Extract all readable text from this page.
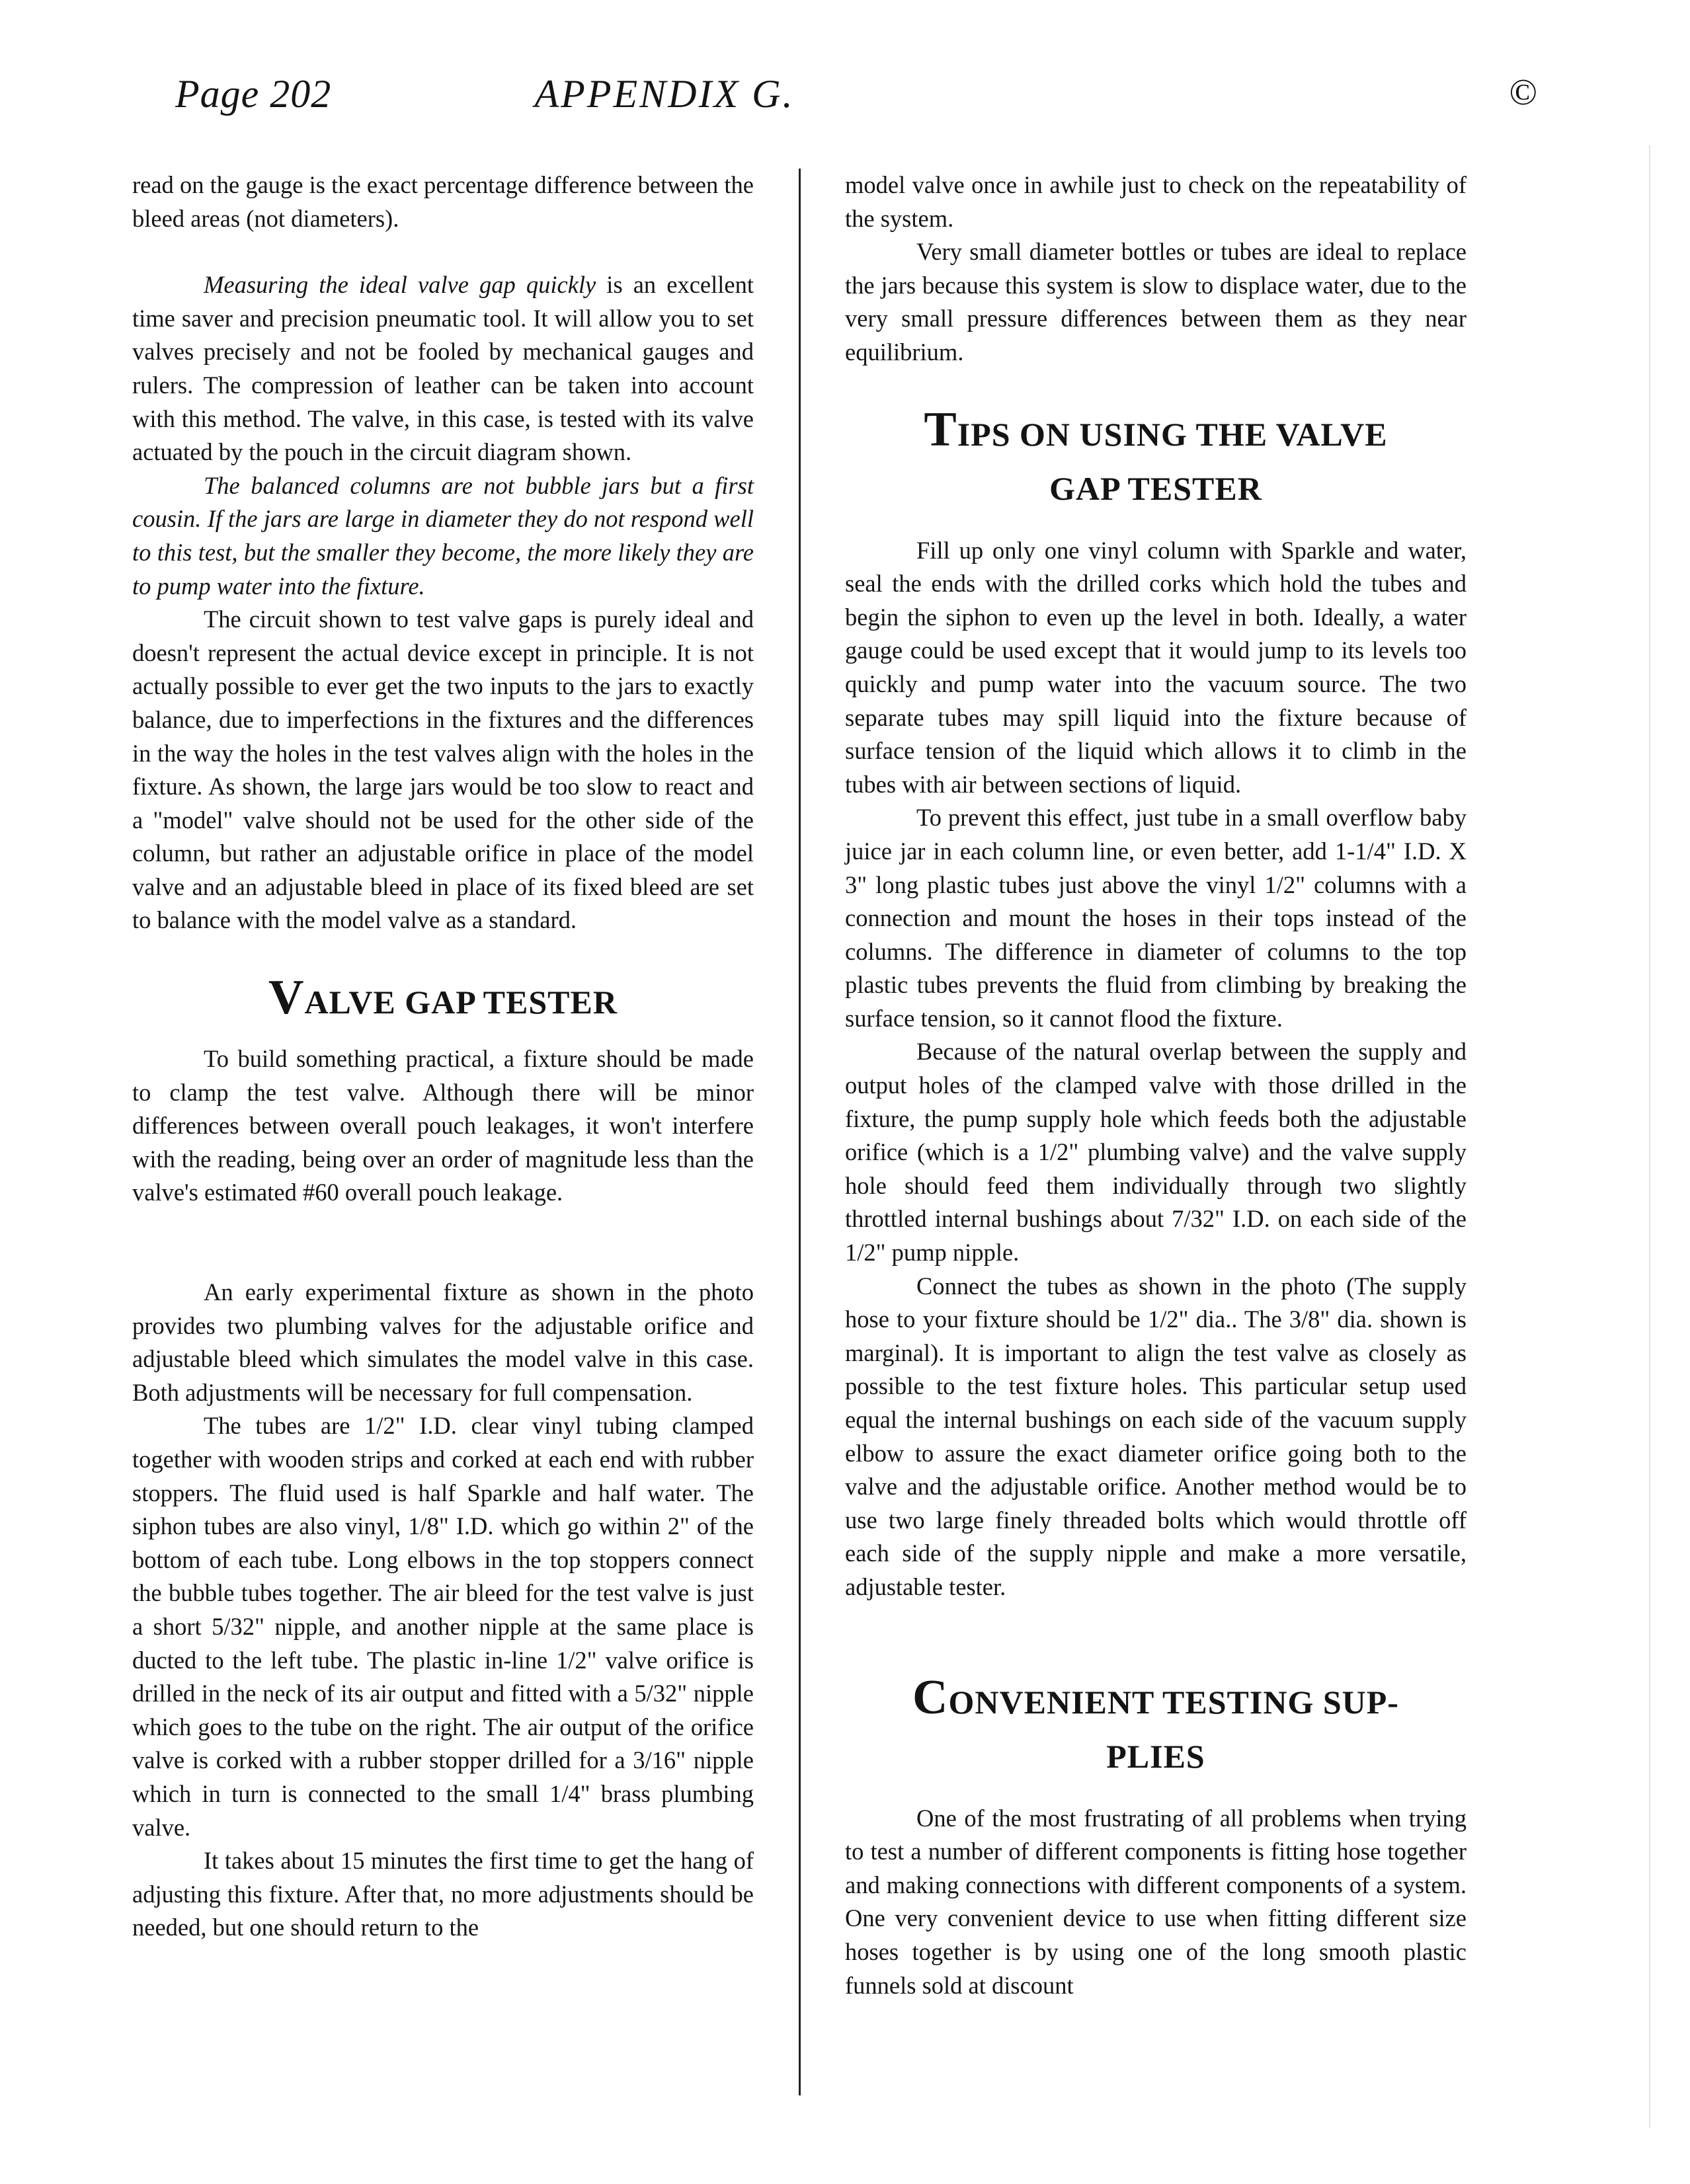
Page 202	APPENDIX G.	©

read on the gauge is the exact percentage difference between the bleed areas (not diameters).

Measuring the ideal valve gap quickly is an excellent time saver and precision pneumatic tool. It will allow you to set valves precisely and not be fooled by mechanical gauges and rulers. The compression of leather can be taken into account with this method. The valve, in this case, is tested with its valve actuated by the pouch in the circuit diagram shown.

The balanced columns are not bubble jars but a first cousin. If the jars are large in diameter they do not respond well to this test, but the smaller they become, the more likely they are to pump water into the fixture.

The circuit shown to test valve gaps is purely ideal and doesn't represent the actual device except in principle. It is not actually possible to ever get the two inputs to the jars to exactly balance, due to imperfections in the fixtures and the differences in the way the holes in the test valves align with the holes in the fixture. As shown, the large jars would be too slow to react and a "model" valve should not be used for the other side of the column, but rather an adjustable orifice in place of the model valve and an adjustable bleed in place of its fixed bleed are set to balance with the model valve as a standard.

VALVE GAP TESTER

To build something practical, a fixture should be made to clamp the test valve. Although there will be minor differences between overall pouch leakages, it won't interfere with the reading, being over an order of magnitude less than the valve's estimated #60 overall pouch leakage.

An early experimental fixture as shown in the photo provides two plumbing valves for the adjustable orifice and adjustable bleed which simulates the model valve in this case. Both adjustments will be necessary for full compensation.

The tubes are 1/2" I.D. clear vinyl tubing clamped together with wooden strips and corked at each end with rubber stoppers. The fluid used is half Sparkle and half water. The siphon tubes are also vinyl, 1/8" I.D. which go within 2" of the bottom of each tube. Long elbows in the top stoppers connect the bubble tubes together. The air bleed for the test valve is just a short 5/32" nipple, and another nipple at the same place is ducted to the left tube. The plastic in-line 1/2" valve orifice is drilled in the neck of its air output and fitted with a 5/32" nipple which goes to the tube on the right. The air output of the orifice valve is corked with a rubber stopper drilled for a 3/16" nipple which in turn is connected to the small 1/4" brass plumbing valve.

It takes about 15 minutes the first time to get the hang of adjusting this fixture. After that, no more adjustments should be needed, but one should return to the

model valve once in awhile just to check on the repeatability of the system.

Very small diameter bottles or tubes are ideal to replace the jars because this system is slow to displace water, due to the very small pressure differences between them as they near equilibrium.

TIPS ON USING THE VALVE
GAP TESTER

Fill up only one vinyl column with Sparkle and water, seal the ends with the drilled corks which hold the tubes and begin the siphon to even up the level in both. Ideally, a water gauge could be used except that it would jump to its levels too quickly and pump water into the vacuum source. The two separate tubes may spill liquid into the fixture because of surface tension of the liquid which allows it to climb in the tubes with air between sections of liquid.

To prevent this effect, just tube in a small overflow baby juice jar in each column line, or even better, add 1-1/4" I.D. X 3" long plastic tubes just above the vinyl 1/2" columns with a connection and mount the hoses in their tops instead of the columns. The difference in diameter of columns to the top plastic tubes prevents the fluid from climbing by breaking the surface tension, so it cannot flood the fixture.

Because of the natural overlap between the supply and output holes of the clamped valve with those drilled in the fixture, the pump supply hole which feeds both the adjustable orifice (which is a 1/2" plumbing valve) and the valve supply hole should feed them individually through two slightly throttled internal bushings about 7/32" I.D. on each side of the 1/2" pump nipple.

Connect the tubes as shown in the photo (The supply hose to your fixture should be 1/2" dia.. The 3/8" dia. shown is marginal). It is important to align the test valve as closely as possible to the test fixture holes. This particular setup used equal the internal bushings on each side of the vacuum supply elbow to assure the exact diameter orifice going both to the valve and the adjustable orifice. Another method would be to use two large finely threaded bolts which would throttle off each side of the supply nipple and make a more versatile, adjustable tester.

CONVENIENT TESTING SUP-
PLIES

One of the most frustrating of all problems when trying to test a number of different components is fitting hose together and making connections with different components of a system. One very convenient device to use when fitting different size hoses together is by using one of the long smooth plastic funnels sold at discount
